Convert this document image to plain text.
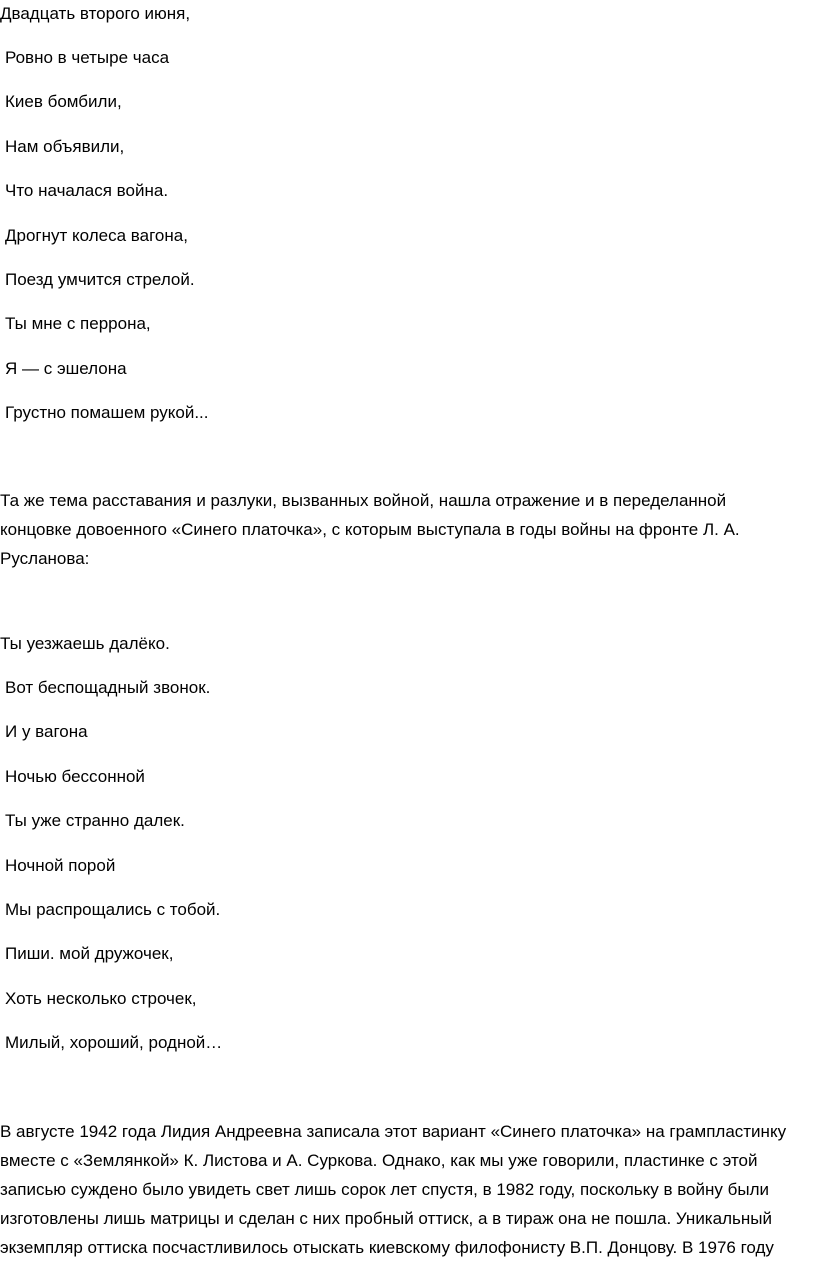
Двадцать второго июня,
Ровно в четыре часа
Киев бомбили,
Нам объявили,
Что началася война.
Дрогнут колеса вагона,
Поезд умчится стрелой.
Ты мне с перрона,
Я — с эшелона
Грустно помашем рукой...
Та же тема расставания и разлуки, вызванных войной, нашла отражение и в переделанной
концовке довоенного «Синего платочка», с которым выступала в годы войны на фронте Л. А.
Русланова:
Ты уезжаешь далёко.
Вот беспощадный звонок.
И у вагона
Ночью бессонной
Ты уже странно далек.
Ночной порой
Мы распрощались с тобой.
Пиши. мой дружочек,
Хоть несколько строчек,
Милый, хороший, родной…
В августе 1942 года Лидия Андреевна записала этот вариант «Синего платочка» на грампластинку
вместе с «Землянкой» К. Листова и А. Суркова. Однако, как мы уже говорили, пластинке с этой
записью суждено было увидеть свет лишь сорок лет спустя, в 1982 году, поскольку в войну были
изготовлены лишь матрицы и сделан с них пробный оттиск, а в тираж она не пошла. Уникальный
экземпляр оттиска посчастливилось отыскать киевскому филофонисту В.П. Донцову. В 1976 году
